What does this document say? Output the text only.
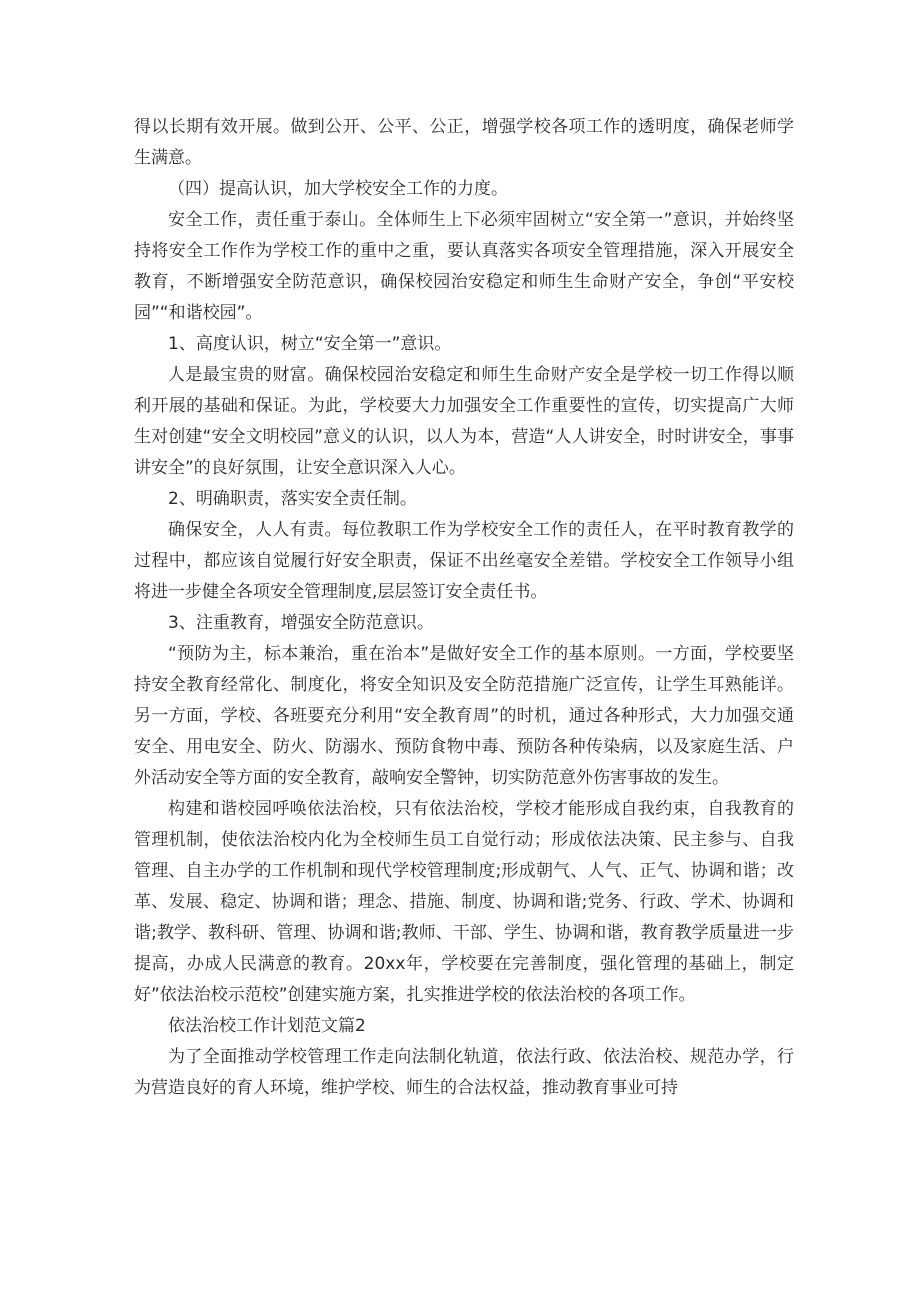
得以长期有效开展。做到公开、公平、公正，增强学校各项工作的透明度，确保老师学生满意。

（四）提高认识，加大学校安全工作的力度。

安全工作，责任重于泰山。全体师生上下必须牢固树立“安全第一”意识，并始终坚持将安全工作作为学校工作的重中之重，要认真落实各项安全管理措施，深入开展安全教育，不断增强安全防范意识，确保校园治安稳定和师生生命财产安全，争创“平安校园”“和谐校园”。

1、高度认识，树立“安全第一”意识。

人是最宝贵的财富。确保校园治安稳定和师生生命财产安全是学校一切工作得以顺利开展的基础和保证。为此，学校要大力加强安全工作重要性的宣传，切实提高广大师生对创建“安全文明校园”意义的认识，以人为本，营造“人人讲安全，时时讲安全，事事讲安全”的良好氛围，让安全意识深入人心。

2、明确职责，落实安全责任制。

确保安全，人人有责。每位教职工作为学校安全工作的责任人，在平时教育教学的过程中，都应该自觉履行好安全职责，保证不出丝毫安全差错。学校安全工作领导小组将进一步健全各项安全管理制度,层层签订安全责任书。

3、注重教育，增强安全防范意识。

“预防为主，标本兼治，重在治本”是做好安全工作的基本原则。一方面，学校要坚持安全教育经常化、制度化，将安全知识及安全防范措施广泛宣传，让学生耳熟能详。另一方面，学校、各班要充分利用“安全教育周”的时机，通过各种形式，大力加强交通安全、用电安全、防火、防溺水、预防食物中毒、预防各种传染病，以及家庭生活、户外活动安全等方面的安全教育，敲响安全警钟，切实防范意外伤害事故的发生。

构建和谐校园呼唤依法治校，只有依法治校，学校才能形成自我约束，自我教育的管理机制，使依法治校内化为全校师生员工自觉行动；形成依法决策、民主参与、自我管理、自主办学的工作机制和现代学校管理制度;形成朝气、人气、正气、协调和谐；改革、发展、稳定、协调和谐；理念、措施、制度、协调和谐;党务、行政、学术、协调和谐;教学、教科研、管理、协调和谐;教师、干部、学生、协调和谐，教育教学质量进一步提高，办成人民满意的教育。20xx年，学校要在完善制度，强化管理的基础上，制定好”依法治校示范校”创建实施方案，扎实推进学校的依法治校的各项工作。

依法治校工作计划范文篇2

为了全面推动学校管理工作走向法制化轨道，依法行政、依法治校、规范办学，行为营造良好的育人环境，维护学校、师生的合法权益，推动教育事业可持
